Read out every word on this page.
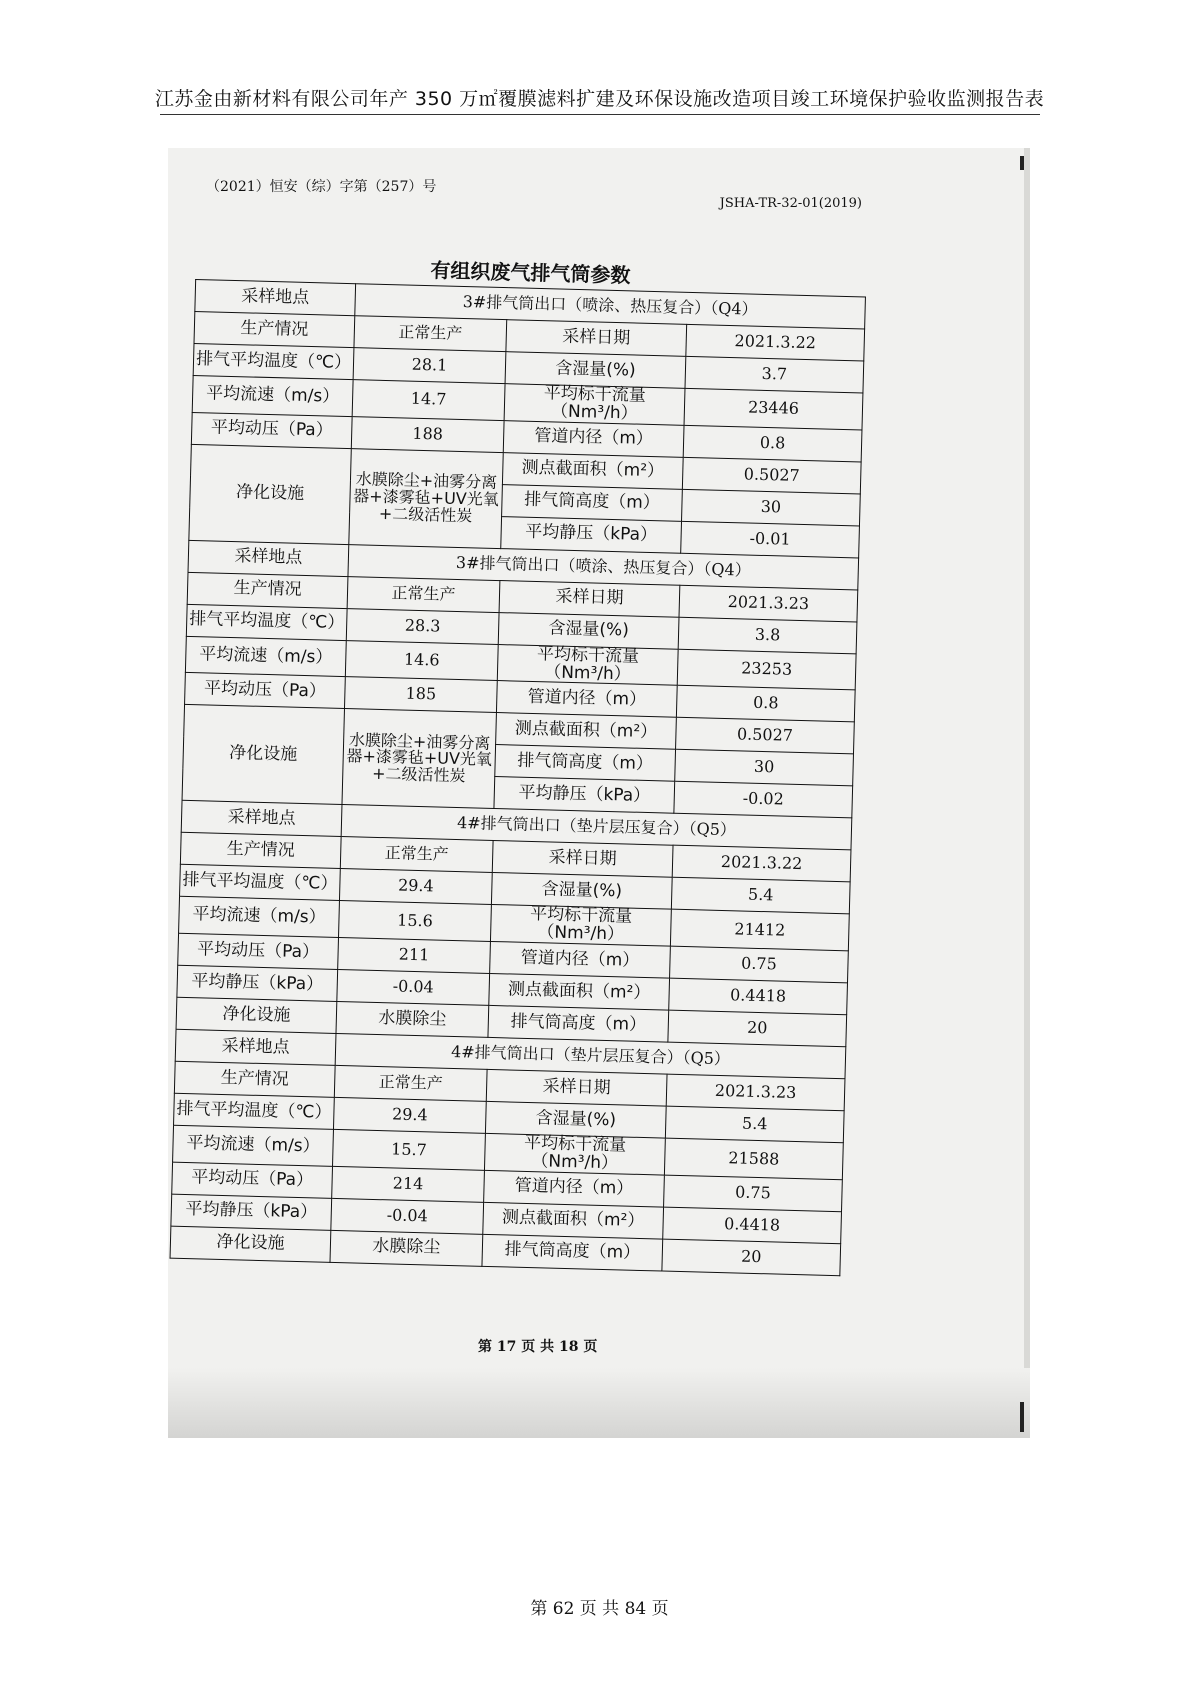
江苏金由新材料有限公司年产 350 万㎡覆膜滤料扩建及环保设施改造项目竣工环境保护验收监测报告表
（2021）恒安（综）字第（257）号
JSHA-TR-32-01(2019)
有组织废气排气筒参数
采样地点	3#排气筒出口（喷涂、热压复合）（Q4）		
生产情况	正常生产	采样日期	2021.3.22
排气平均温度（℃）	28.1	含湿量(%)	3.7
平均流速（m/s）	14.7	平均标干流量（Nm³/h）	23446
平均动压（Pa）	188	管道内径（m）	0.8
净化设施	水膜除尘+油雾分离器+漆雾毡+UV光氧+二级活性炭	测点截面积（m²）	0.5027
		排气筒高度（m）	30
		平均静压（kPa）	-0.01
采样地点	3#排气筒出口（喷涂、热压复合）（Q4）		
生产情况	正常生产	采样日期	2021.3.23
排气平均温度（℃）	28.3	含湿量(%)	3.8
平均流速（m/s）	14.6	平均标干流量（Nm³/h）	23253
平均动压（Pa）	185	管道内径（m）	0.8
净化设施	水膜除尘+油雾分离器+漆雾毡+UV光氧+二级活性炭	测点截面积（m²）	0.5027
		排气筒高度（m）	30
		平均静压（kPa）	-0.02
采样地点	4#排气筒出口（垫片层压复合）（Q5）		
生产情况	正常生产	采样日期	2021.3.22
排气平均温度（℃）	29.4	含湿量(%)	5.4
平均流速（m/s）	15.6	平均标干流量（Nm³/h）	21412
平均动压（Pa）	211	管道内径（m）	0.75
平均静压（kPa）	-0.04	测点截面积（m²）	0.4418
净化设施	水膜除尘	排气筒高度（m）	20
采样地点	4#排气筒出口（垫片层压复合）（Q5）		
生产情况	正常生产	采样日期	2021.3.23
排气平均温度（℃）	29.4	含湿量(%)	5.4
平均流速（m/s）	15.7	平均标干流量（Nm³/h）	21588
平均动压（Pa）	214	管道内径（m）	0.75
平均静压（kPa）	-0.04	测点截面积（m²）	0.4418
净化设施	水膜除尘	排气筒高度（m）	20
第 17 页 共 18 页
第 62 页 共 84 页
